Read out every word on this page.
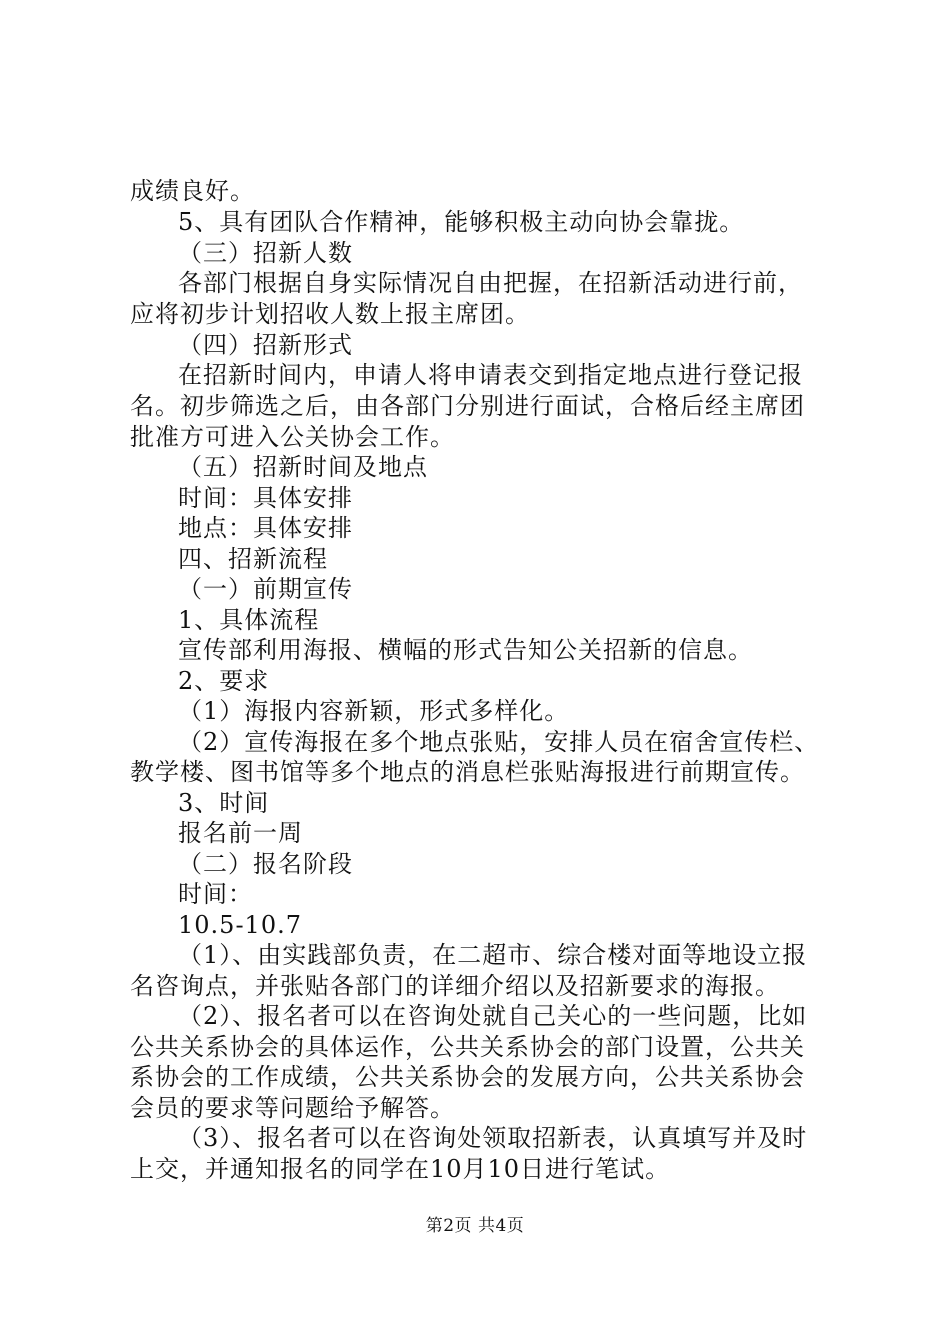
成绩良好。
5、具有团队合作精神，能够积极主动向协会靠拢。
（三）招新人数
各部门根据自身实际情况自由把握，在招新活动进行前，
应将初步计划招收人数上报主席团。
（四）招新形式
在招新时间内，申请人将申请表交到指定地点进行登记报
名。初步筛选之后，由各部门分别进行面试，合格后经主席团
批准方可进入公关协会工作。
（五）招新时间及地点
时间：具体安排
地点：具体安排
四、招新流程
（一）前期宣传
1、具体流程
宣传部利用海报、横幅的形式告知公关招新的信息。
2、要求
（1）海报内容新颖，形式多样化。
（2）宣传海报在多个地点张贴，安排人员在宿舍宣传栏、
教学楼、图书馆等多个地点的消息栏张贴海报进行前期宣传。
3、时间
报名前一周
（二）报名阶段
时间：
10.5-10.7
（1）、由实践部负责，在二超市、综合楼对面等地设立报
名咨询点，并张贴各部门的详细介绍以及招新要求的海报。
（2）、报名者可以在咨询处就自己关心的一些问题，比如
公共关系协会的具体运作，公共关系协会的部门设置，公共关
系协会的工作成绩，公共关系协会的发展方向，公共关系协会
会员的要求等问题给予解答。
（3）、报名者可以在咨询处领取招新表，认真填写并及时
上交，并通知报名的同学在10月10日进行笔试。
第2页 共4页
